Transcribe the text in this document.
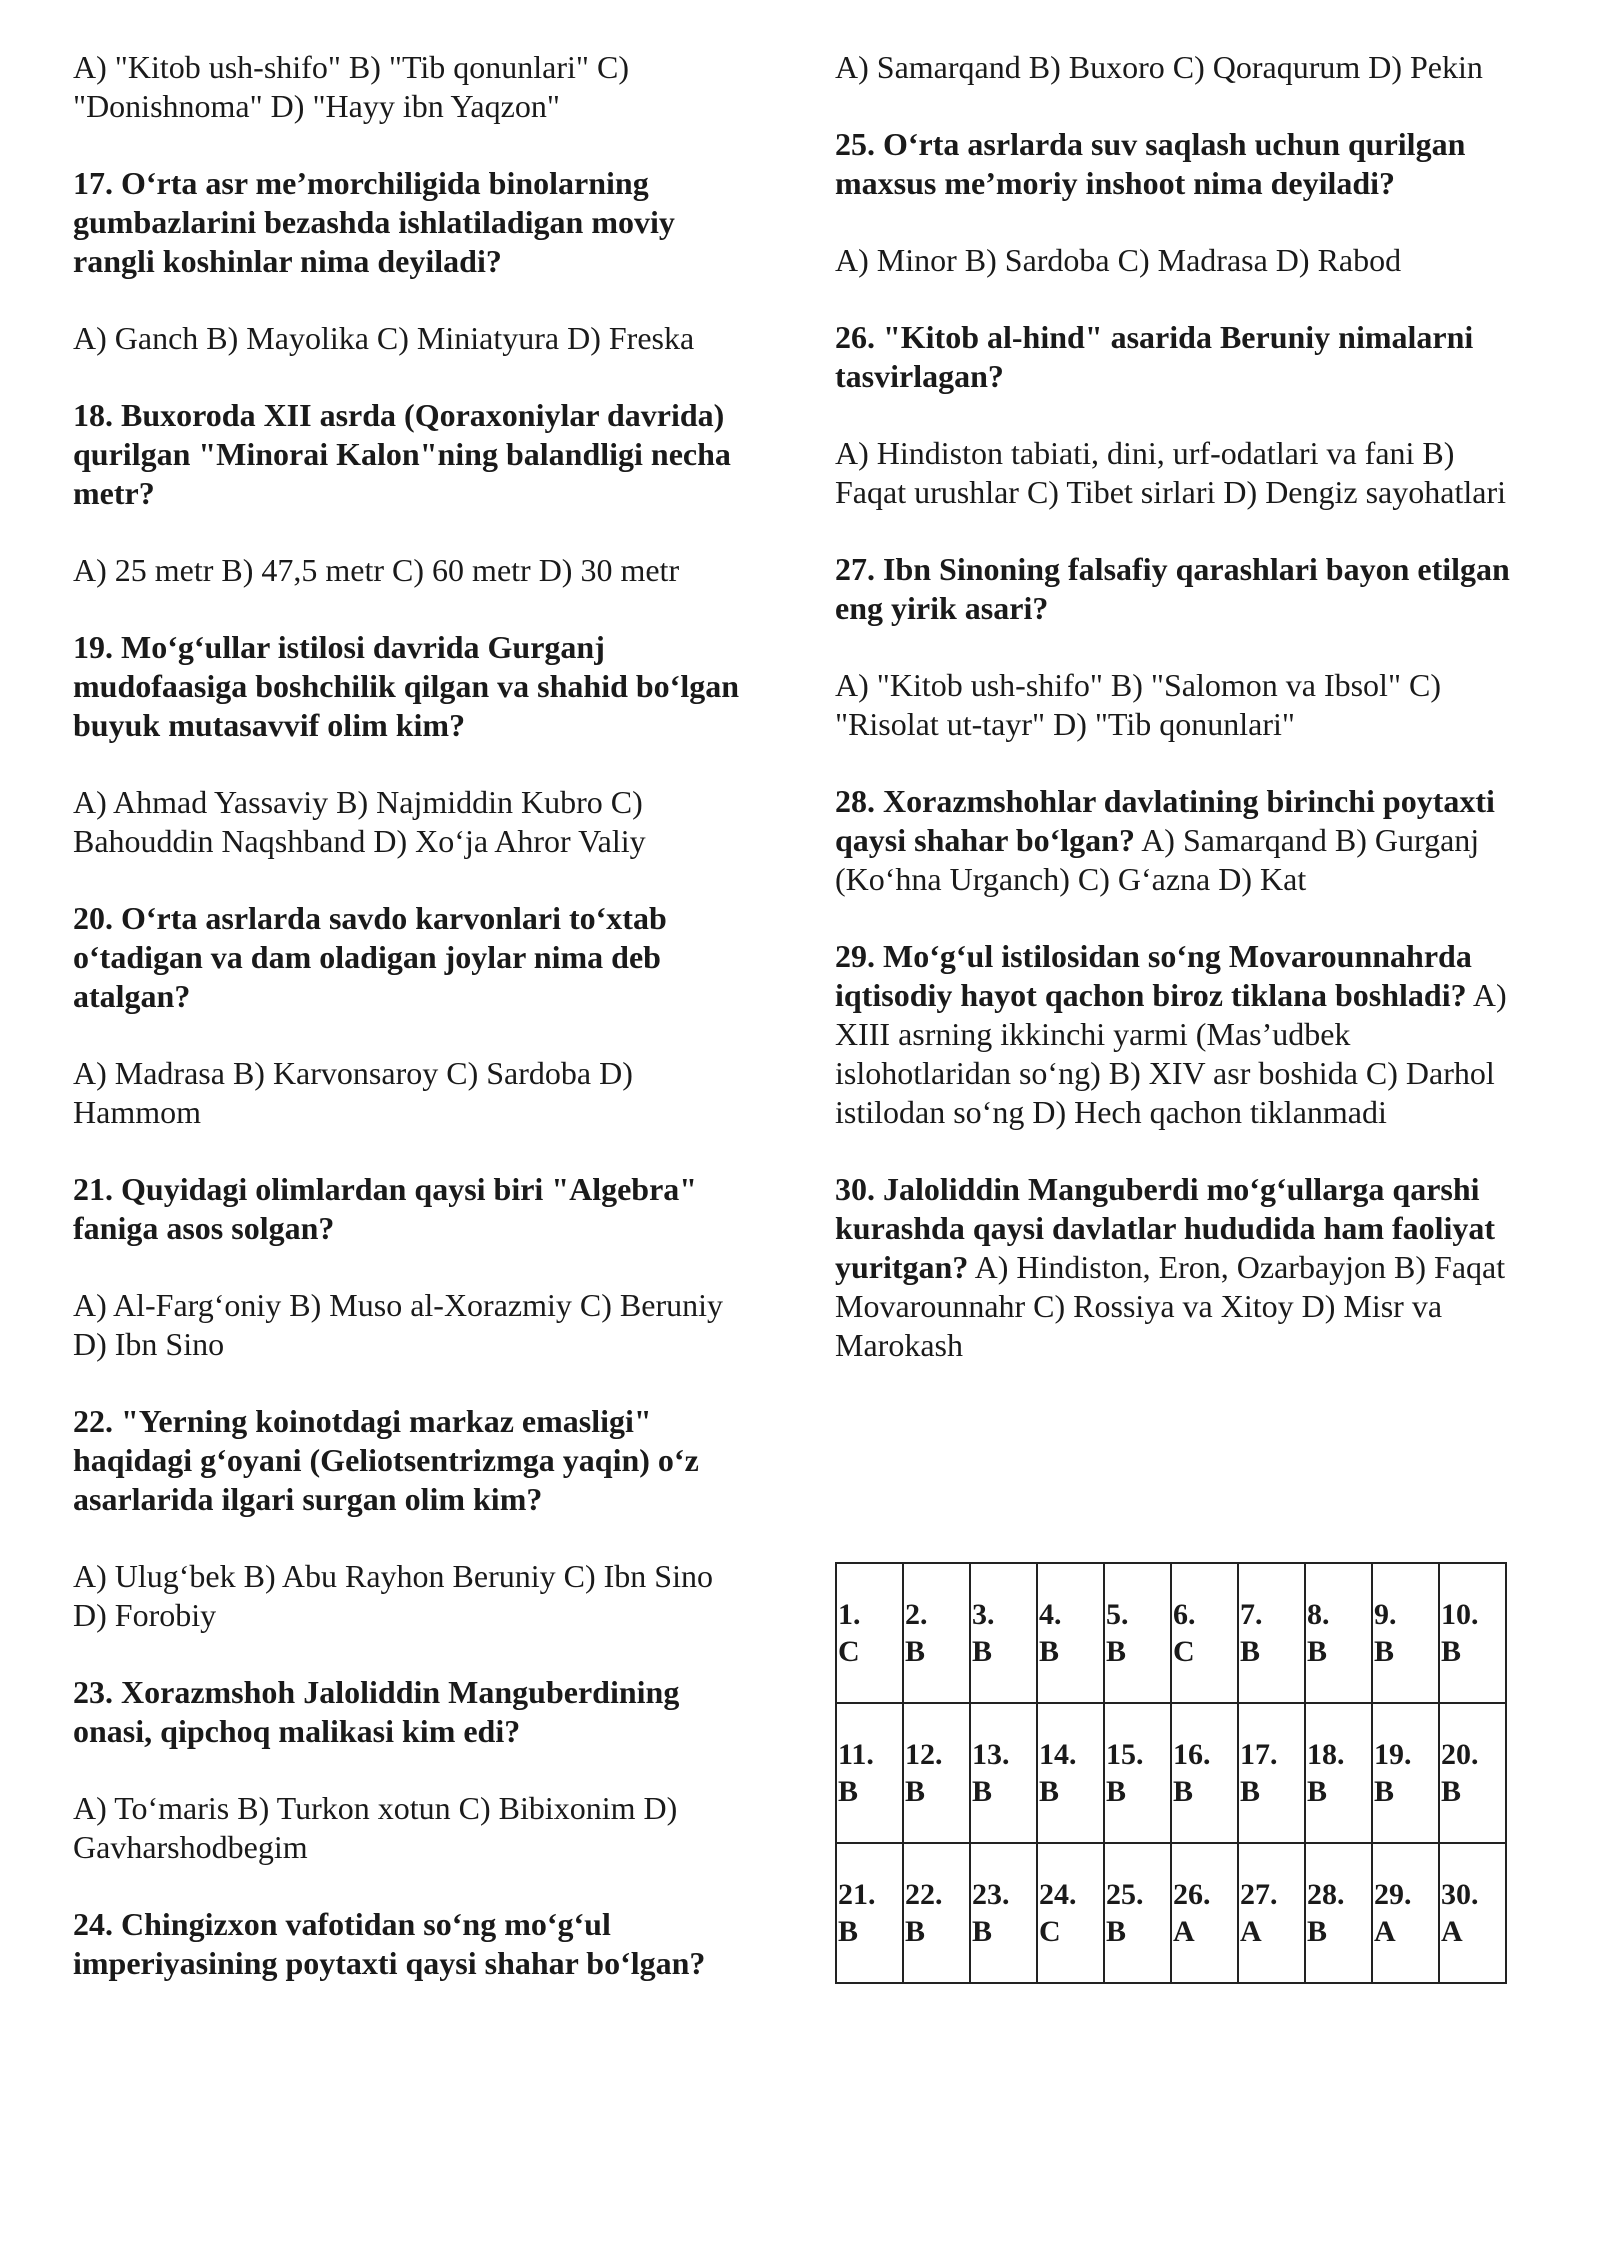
A) "Kitob ush-shifo" B) "Tib qonunlari" C) "Donishnoma" D) "Hayy ibn Yaqzon"

17. O‘rta asr me’morchiligida binolarning gumbazlarini bezashda ishlatiladigan moviy rangli koshinlar nima deyiladi?

A) Ganch B) Mayolika C) Miniatyura D) Freska

18. Buxoroda XII asrda (Qoraxoniylar davrida) qurilgan "Minorai Kalon"ning balandligi necha metr?

A) 25 metr B) 47,5 metr C) 60 metr D) 30 metr

19. Mo‘g‘ullar istilosi davrida Gurganj mudofaasiga boshchilik qilgan va shahid bo‘lgan buyuk mutasavvif olim kim?

A) Ahmad Yassaviy B) Najmiddin Kubro C) Bahouddin Naqshband D) Xo‘ja Ahror Valiy

20. O‘rta asrlarda savdo karvonlari to‘xtab o‘tadigan va dam oladigan joylar nima deb atalgan?

A) Madrasa B) Karvonsaroy C) Sardoba D) Hammom

21. Quyidagi olimlardan qaysi biri "Algebra" faniga asos solgan?

A) Al-Farg‘oniy B) Muso al-Xorazmiy C) Beruniy D) Ibn Sino

22. "Yerning koinotdagi markaz emasligi" haqidagi g‘oyani (Geliotsentrizmga yaqin) o‘z asarlarida ilgari surgan olim kim?

A) Ulug‘bek B) Abu Rayhon Beruniy C) Ibn Sino D) Forobiy

23. Xorazmshoh Jaloliddin Manguberdining onasi, qipchoq malikasi kim edi?

A) To‘maris B) Turkon xotun C) Bibixonim D) Gavharshodbegim

24. Chingizxon vafotidan so‘ng mo‘g‘ul imperiyasining poytaxti qaysi shahar bo‘lgan?

A) Samarqand B) Buxoro C) Qoraqurum D) Pekin

25. O‘rta asrlarda suv saqlash uchun qurilgan maxsus me’moriy inshoot nima deyiladi?

A) Minor B) Sardoba C) Madrasa D) Rabod

26. "Kitob al-hind" asarida Beruniy nimalarni tasvirlagan?

A) Hindiston tabiati, dini, urf-odatlari va fani B) Faqat urushlar C) Tibet sirlari D) Dengiz sayohatlari

27. Ibn Sinoning falsafiy qarashlari bayon etilgan eng yirik asari?

A) "Kitob ush-shifo" B) "Salomon va Ibsol" C) "Risolat ut-tayr" D) "Tib qonunlari"

28. Xorazmshohlar davlatining birinchi poytaxti qaysi shahar bo‘lgan? A) Samarqand B) Gurganj (Ko‘hna Urganch) C) G‘azna D) Kat

29. Mo‘g‘ul istilosidan so‘ng Movarounnahrda iqtisodiy hayot qachon biroz tiklana boshladi? A) XIII asrning ikkinchi yarmi (Mas’udbek islohotlaridan so‘ng) B) XIV asr boshida C) Darhol istilodan so‘ng D) Hech qachon tiklanmadi

30. Jaloliddin Manguberdi mo‘g‘ullarga qarshi kurashda qaysi davlatlar hududida ham faoliyat yuritgan? A) Hindiston, Eron, Ozarbayjon B) Faqat Movarounnahr C) Rossiya va Xitoy D) Misr va Marokash

1.
C	2.
B	3.
B	4.
B	5.
B	6.
C	7.
B	8.
B	9.
B	10.
B

11.
B	12.
B	13.
B	14.
B	15.
B	16.
B	17.
B	18.
B	19.
B	20.
B

21.
B	22.
B	23.
B	24.
C	25.
B	26.
A	27.
A	28.
B	29.
A	30.
A
